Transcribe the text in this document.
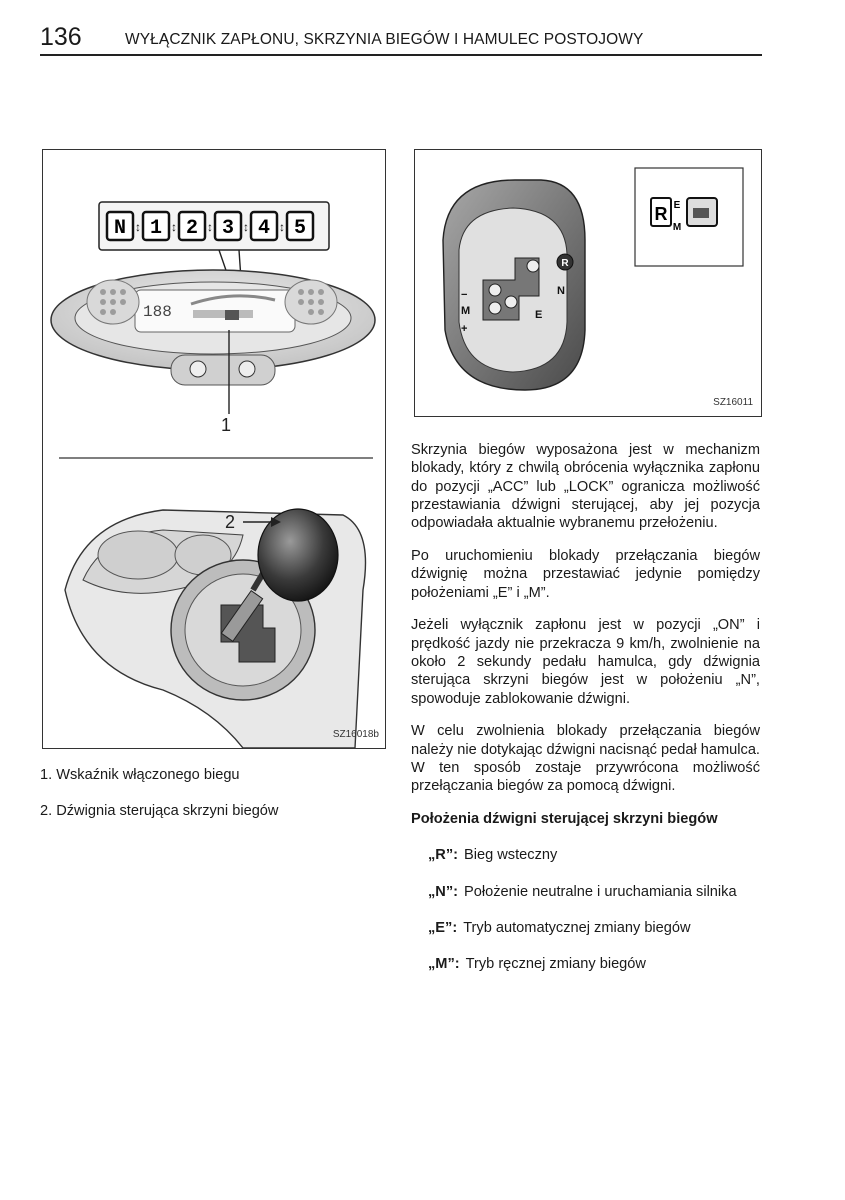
136	WYŁĄCZNIK ZAPŁONU, SKRZYNIA BIEGÓW I HAMULEC POSTOJOWY
N 1 2 3 4 5
↕	↕	↕	↕	↕
188
1
2
SZ16018b
R
N
E
−
M
+
R E
M
SZ16011
1. Wskaźnik włączonego biegu
2. Dźwignia sterująca skrzyni biegów

Skrzynia biegów wyposażona jest w mechanizm blokady, który z chwilą obrócenia wyłącznika zapłonu do pozycji „ACC” lub „LOCK” ogranicza możliwość przestawiania dźwigni sterującej, aby jej pozycja odpowiadała aktualnie wybranemu przełożeniu.

Po uruchomieniu blokady przełączania biegów dźwignię można przestawiać jedynie pomiędzy położeniami „E” i „M”.

Jeżeli wyłącznik zapłonu jest w pozycji „ON” i prędkość jazdy nie przekracza 9 km/h, zwolnienie na około 2 sekundy pedału hamulca, gdy dźwignia sterująca skrzyni biegów jest w położeniu „N”, spowoduje zablokowanie dźwigni.

W celu zwolnienia blokady przełączania biegów należy nie dotykając dźwigni nacisnąć pedał hamulca. W ten sposób zostaje przywrócona możliwość przełączania biegów za pomocą dźwigni.

Położenia dźwigni sterującej skrzyni biegów

„R”: Bieg wsteczny
„N”: Położenie neutralne i uruchamiania silnika
„E”: Tryb automatycznej zmiany biegów
„M”: Tryb ręcznej zmiany biegów
